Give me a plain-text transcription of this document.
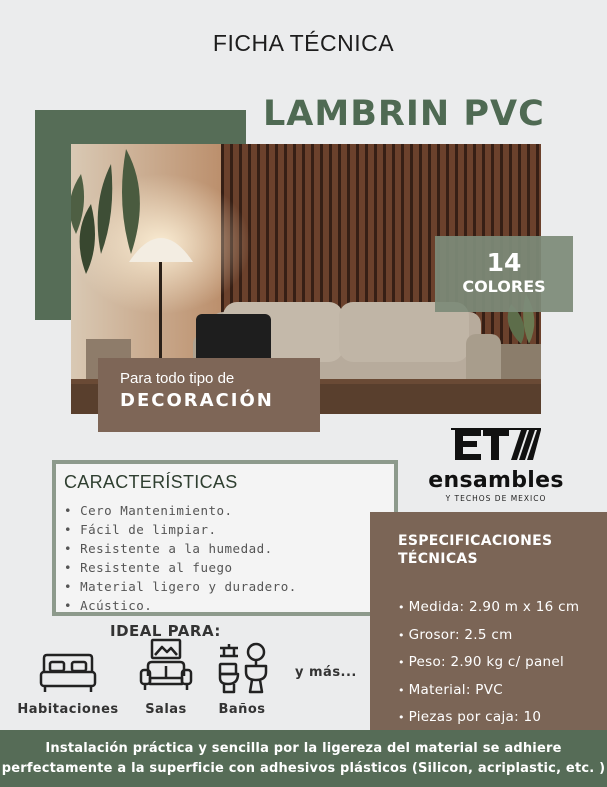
FICHA TÉCNICA
LAMBRIN PVC
14
COLORES
Para todo tipo de
DECORACIÓN
CARACTERÍSTICAS
• Cero Mantenimiento.
• Fácil de limpiar.
• Resistente a la humedad.
• Resistente al fuego
• Material ligero y duradero.
• Acústico.
ensambles
Y TECHOS DE MEXICO
ESPECIFICACIONES
TÉCNICAS
• Medida: 2.90 m x 16 cm
• Grosor: 2.5 cm
• Peso: 2.90 kg c/ panel
• Material: PVC
• Piezas por caja: 10
IDEAL PARA:
Habitaciones	Salas	Baños
y más...
Instalación práctica y sencilla por la ligereza del material se adhiere
perfectamente a la superficie con adhesivos plásticos (Silicon, acriplastic, etc. )
